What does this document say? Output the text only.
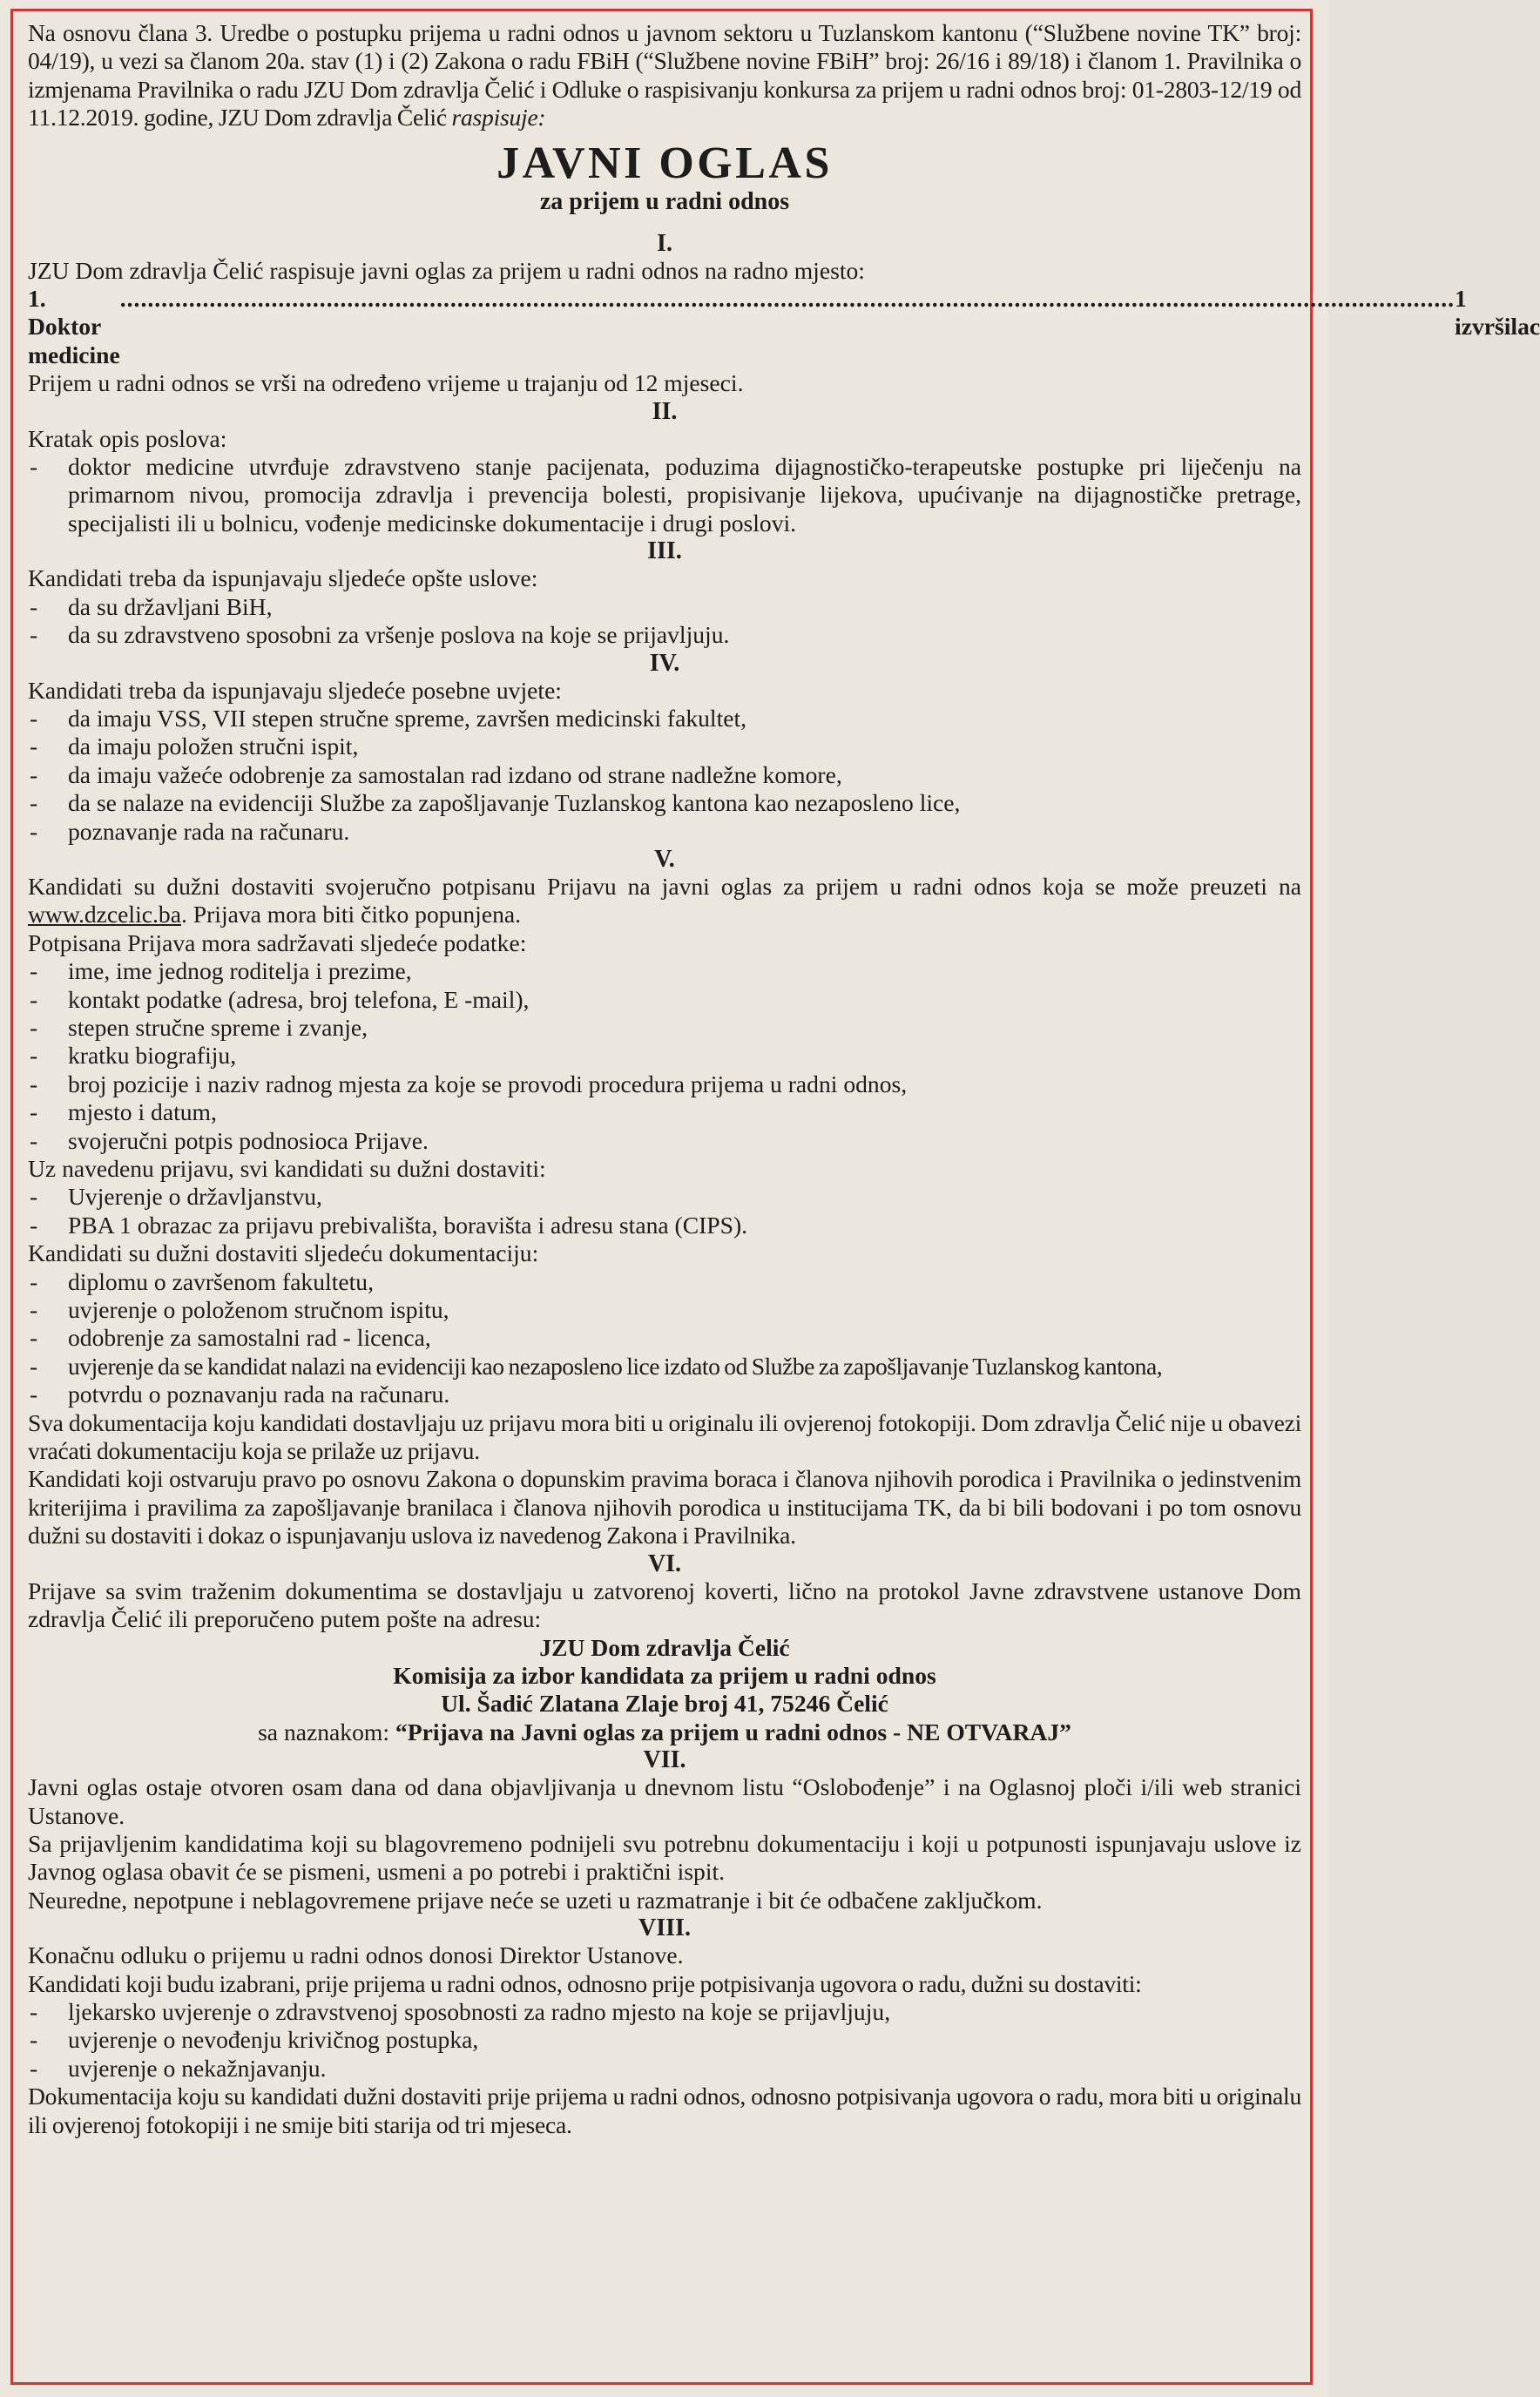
Na osnovu člana 3. Uredbe o postupku prijema u radni odnos u javnom sektoru u Tuzlanskom kantonu (“Službene novine TK” broj: 04/19), u vezi sa članom 20a. stav (1) i (2) Zakona o radu FBiH (“Službene novine FBiH” broj: 26/16 i 89/18) i članom 1. Pravilnika o izmjenama Pravilnika o radu JZU Dom zdravlja Čelić i Odluke o raspisivanju konkursa za prijem u radni odnos broj: 01-2803-12/19 od 11.12.2019. godine, JZU Dom zdravlja Čelić raspisuje:

JAVNI OGLAS
za prijem u radni odnos
I.

JZU Dom zdravlja Čelić raspisuje javni oglas za prijem u radni odnos na radno mjesto:

1. Doktor medicine
.................................................................................................................................................................................................. 1 izvršilac

Prijem u radni odnos se vrši na određeno vrijeme u trajanju od 12 mjeseci.

II.

Kratak opis poslova:

- doktor medicine utvrđuje zdravstveno stanje pacijenata, poduzima dijagnostičko-terapeutske postupke pri liječenju na primarnom nivou, promocija zdravlja i prevencija bolesti, propisivanje lijekova, upućivanje na dijagnostičke pretrage, specijalisti ili u bolnicu, vođenje medicinske dokumentacije i drugi poslovi.
III.

Kandidati treba da ispunjavaju sljedeće opšte uslove:

- da su državljani BiH,
- da su zdravstveno sposobni za vršenje poslova na koje se prijavljuju.
IV.

Kandidati treba da ispunjavaju sljedeće posebne uvjete:

- da imaju VSS, VII stepen stručne spreme, završen medicinski fakultet,
- da imaju položen stručni ispit,
- da imaju važeće odobrenje za samostalan rad izdano od strane nadležne komore,
- da se nalaze na evidenciji Službe za zapošljavanje Tuzlanskog kantona kao nezaposleno lice,
- poznavanje rada na računaru.
V.

Kandidati su dužni dostaviti svojeručno potpisanu Prijavu na javni oglas za prijem u radni odnos koja se može preuzeti na www.dzcelic.ba. Prijava mora biti čitko popunjena.

Potpisana Prijava mora sadržavati sljedeće podatke:

- ime, ime jednog roditelja i prezime,
- kontakt podatke (adresa, broj telefona, E -mail),
- stepen stručne spreme i zvanje,
- kratku biografiju,
- broj pozicije i naziv radnog mjesta za koje se provodi procedura prijema u radni odnos,
- mjesto i datum,
- svojeručni potpis podnosioca Prijave.

Uz navedenu prijavu, svi kandidati su dužni dostaviti:

- Uvjerenje o državljanstvu,
- PBA 1 obrazac za prijavu prebivališta, boravišta i adresu stana (CIPS).

Kandidati su dužni dostaviti sljedeću dokumentaciju:

- diplomu o završenom fakultetu,
- uvjerenje o položenom stručnom ispitu,
- odobrenje za samostalni rad - licenca,
- uvjerenje da se kandidat nalazi na evidenciji kao nezaposleno lice izdato od Službe za zapošljavanje Tuzlanskog kantona,
- potvrdu o poznavanju rada na računaru.

Sva dokumentacija koju kandidati dostavljaju uz prijavu mora biti u originalu ili ovjerenoj fotokopiji. Dom zdravlja Čelić nije u obavezi vraćati dokumentaciju koja se prilaže uz prijavu.

Kandidati koji ostvaruju pravo po osnovu Zakona o dopunskim pravima boraca i članova njihovih porodica i Pravilnika o jedinstvenim kriterijima i pravilima za zapošljavanje branilaca i članova njihovih porodica u institucijama TK, da bi bili bodovani i po tom osnovu dužni su dostaviti i dokaz o ispunjavanju uslova iz navedenog Zakona i Pravilnika.

VI.

Prijave sa svim traženim dokumentima se dostavljaju u zatvorenoj koverti, lično na protokol Javne zdravstvene ustanove Dom zdravlja Čelić ili preporučeno putem pošte na adresu:

JZU Dom zdravlja Čelić
Komisija za izbor kandidata za prijem u radni odnos
Ul. Šadić Zlatana Zlaje broj 41, 75246 Čelić

sa naznakom: “Prijava na Javni oglas za prijem u radni odnos - NE OTVARAJ”

VII.

Javni oglas ostaje otvoren osam dana od dana objavljivanja u dnevnom listu “Oslobođenje” i na Oglasnoj ploči i/ili web stranici Ustanove.

Sa prijavljenim kandidatima koji su blagovremeno podnijeli svu potrebnu dokumentaciju i koji u potpunosti ispunjavaju uslove iz Javnog oglasa obavit će se pismeni, usmeni a po potrebi i praktični ispit.

Neuredne, nepotpune i neblagovremene prijave neće se uzeti u razmatranje i bit će odbačene zaključkom.

VIII.

Konačnu odluku o prijemu u radni odnos donosi Direktor Ustanove.

Kandidati koji budu izabrani, prije prijema u radni odnos, odnosno prije potpisivanja ugovora o radu, dužni su dostaviti:

- ljekarsko uvjerenje o zdravstvenoj sposobnosti za radno mjesto na koje se prijavljuju,
- uvjerenje o nevođenju krivičnog postupka,
- uvjerenje o nekažnjavanju.

Dokumentacija koju su kandidati dužni dostaviti prije prijema u radni odnos, odnosno potpisivanja ugovora o radu, mora biti u originalu ili ovjerenoj fotokopiji i ne smije biti starija od tri mjeseca.
